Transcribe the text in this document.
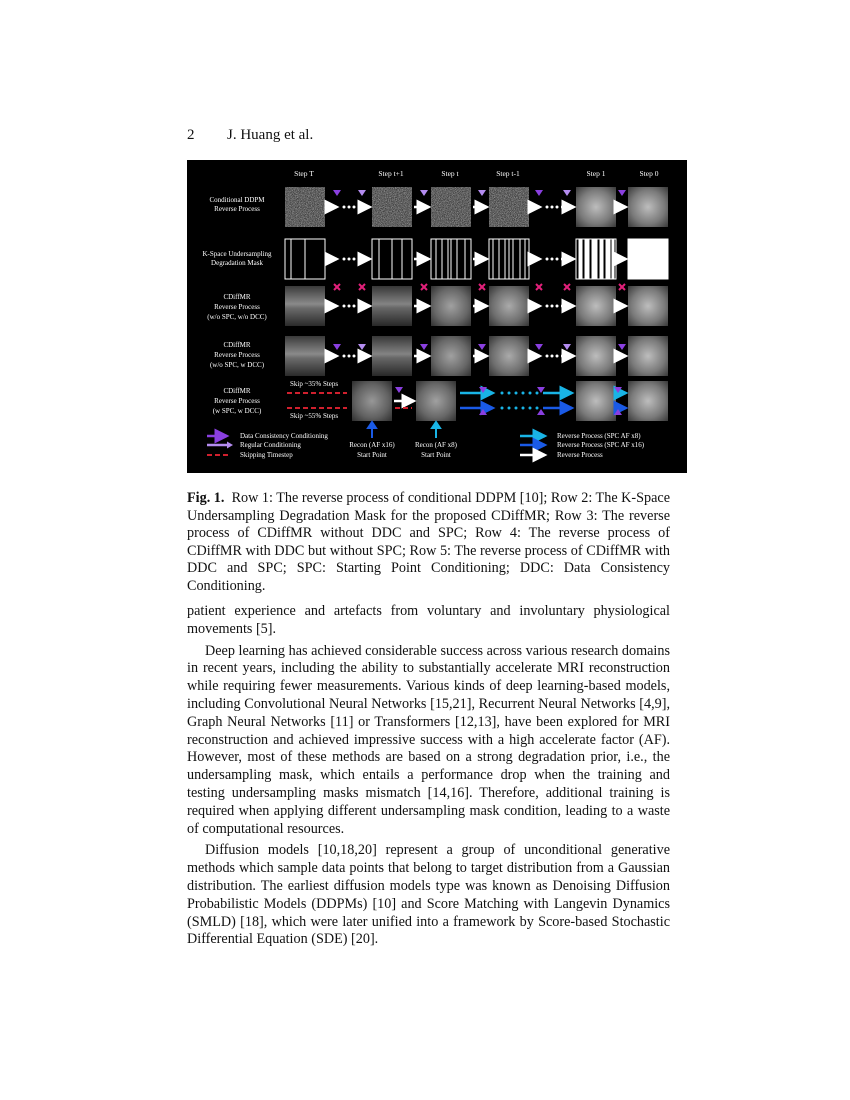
2 J. Huang et al.
Step T	Step t+1	Step t	Step t-1	Step 1	Step 0
Conditional DDPM
Reverse Process
K-Space Undersampling
Degradation Mask
CDiffMR
Reverse Process
(w/o SPC, w/o DCC)
CDiffMR
Reverse Process
(w/o SPC, w DCC)
CDiffMR
Reverse Process
(w SPC, w DCC)
Skip ~35% Steps
Skip ~55% Steps
Recon (AF x16)
Start Point
Recon (AF x8)
Start Point
Data Consistency Conditioning
Regular Conditioning
Skipping Timestep
Reverse Process (SPC AF x8)
Reverse Process (SPC AF x16)
Reverse Process
Fig. 1. Row 1: The reverse process of conditional DDPM [10]; Row 2: The K-Space Undersampling Degradation Mask for the proposed CDiffMR; Row 3: The reverse process of CDiffMR without DDC and SPC; Row 4: The reverse process of CDiffMR with DDC but without SPC; Row 5: The reverse process of CDiffMR with DDC and SPC; SPC: Starting Point Conditioning; DDC: Data Consistency Conditioning.

patient experience and artefacts from voluntary and involuntary physiological movements [5].

Deep learning has achieved considerable success across various research domains in recent years, including the ability to substantially accelerate MRI reconstruction while requiring fewer measurements. Various kinds of deep learning-based models, including Convolutional Neural Networks [15,21], Recurrent Neural Networks [4,9], Graph Neural Networks [11] or Transformers [12,13], have been explored for MRI reconstruction and achieved impressive success with a high accelerate factor (AF). However, most of these methods are based on a strong degradation prior, i.e., the undersampling mask, which entails a performance drop when the training and testing undersampling masks mismatch [14,16]. Therefore, additional training is required when applying different undersampling mask condition, leading to a waste of computational resources.

Diffusion models [10,18,20] represent a group of unconditional generative methods which sample data points that belong to target distribution from a Gaussian distribution. The earliest diffusion models type was known as Denoising Diffusion Probabilistic Models (DDPMs) [10] and Score Matching with Langevin Dynamics (SMLD) [18], which were later unified into a framework by Score-based Stochastic Differential Equation (SDE) [20].
